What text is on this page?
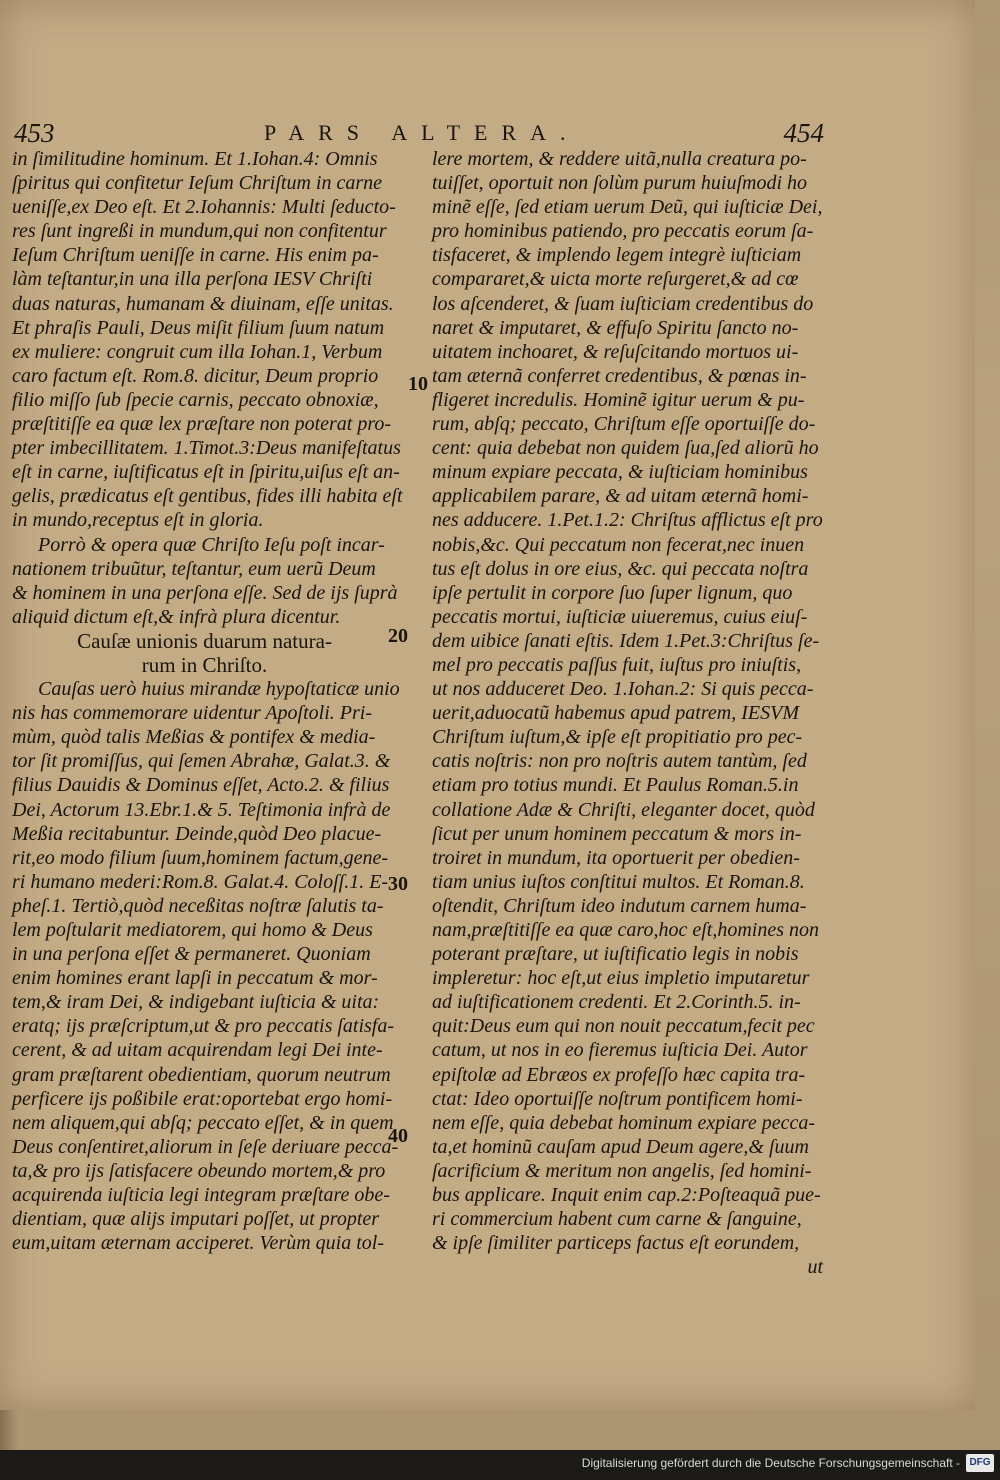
453	PARS ALTERA.	454
in ſimilitudine hominum. Et 1.Iohan.4: Omnis
ſpiritus qui confitetur Ieſum Chriſtum in carne
ueniſſe,ex Deo eſt. Et 2.Iohannis: Multi ſeducto-
res ſunt ingreßi in mundum,qui non confitentur
Ieſum Chriſtum ueniſſe in carne. His enim pa-
làm teſtantur,in una illa perſona IESV Chriſti
duas naturas, humanam & diuinam, eſſe unitas.
Et phraſis Pauli, Deus miſit filium ſuum natum
ex muliere: congruit cum illa Iohan.1, Verbum
caro factum eſt. Rom.8. dicitur, Deum proprio
filio miſſo ſub ſpecie carnis, peccato obnoxiæ,
præſtitiſſe ea quæ lex præſtare non poterat pro-
pter imbecillitatem. 1.Timot.3:Deus manifeſtatus
eſt in carne, iuſtificatus eſt in ſpiritu,uiſus eſt an-
gelis, prædicatus eſt gentibus, fides illi habita eſt
in mundo,receptus eſt in gloria.
Porrò & opera quæ Chriſto Ieſu poſt incar-
nationem tribuũtur, teſtantur, eum uerũ Deum
& hominem in una perſona eſſe. Sed de ijs ſuprà
aliquid dictum eſt,& infrà plura dicentur.
Cauſæ unionis duarum natura-
rum in Chriſto.
Cauſas uerò huius mirandæ hypoſtaticæ unio
nis has commemorare uidentur Apoſtoli. Pri-
mùm, quòd talis Meßias & pontifex & media-
tor ſit promiſſus, qui ſemen Abrahæ, Galat.3. &
filius Dauidis & Dominus eſſet, Acto.2. & filius
Dei, Actorum 13.Ebr.1.& 5. Teſtimonia infrà de
Meßia recitabuntur. Deinde,quòd Deo placue-
rit,eo modo filium ſuum,hominem factum,gene-
ri humano mederi:Rom.8. Galat.4. Coloſſ.1. E-
pheſ.1. Tertiò,quòd neceßitas noſtræ ſalutis ta-
lem poſtularit mediatorem, qui homo & Deus
in una perſona eſſet & permaneret. Quoniam
enim homines erant lapſi in peccatum & mor-
tem,& iram Dei, & indigebant iuſticia & uita:
eratq; ijs præſcriptum,ut & pro peccatis ſatisfa-
cerent, & ad uitam acquirendam legi Dei inte-
gram præſtarent obedientiam, quorum neutrum
perficere ijs poßibile erat:oportebat ergo homi-
nem aliquem,qui abſq; peccato eſſet, & in quem
Deus conſentiret,aliorum in ſeſe deriuare pecca-
ta,& pro ijs ſatisfacere obeundo mortem,& pro
acquirenda iuſticia legi integram præſtare obe-
dientiam, quæ alijs imputari poſſet, ut propter
eum,uitam æternam acciperet. Verùm quia tol-
10
20
30
40
lere mortem, & reddere uitã,nulla creatura po-
tuiſſet, oportuit non ſolùm purum huiuſmodi ho
minẽ eſſe, ſed etiam uerum Deũ, qui iuſticiæ Dei,
pro hominibus patiendo, pro peccatis eorum ſa-
tisfaceret, & implendo legem integrè iuſticiam
compararet,& uicta morte reſurgeret,& ad cœ
los aſcenderet, & ſuam iuſticiam credentibus do
naret & imputaret, & effuſo Spiritu ſancto no-
uitatem inchoaret, & reſuſcitando mortuos ui-
tam æternã conferret credentibus, & pœnas in-
fligeret incredulis. Hominẽ igitur uerum & pu-
rum, abſq; peccato, Chriſtum eſſe oportuiſſe do-
cent: quia debebat non quidem ſua,ſed aliorũ ho
minum expiare peccata, & iuſticiam hominibus
applicabilem parare, & ad uitam æternã homi-
nes adducere. 1.Pet.1.2: Chriſtus afflictus eſt pro
nobis,&c. Qui peccatum non fecerat,nec inuen
tus eſt dolus in ore eius, &c. qui peccata noſtra
ipſe pertulit in corpore ſuo ſuper lignum, quo
peccatis mortui, iuſticiæ uiueremus, cuius eiuſ-
dem uibice ſanati eſtis. Idem 1.Pet.3:Chriſtus ſe-
mel pro peccatis paſſus fuit, iuſtus pro iniuſtis,
ut nos adduceret Deo. 1.Iohan.2: Si quis pecca-
uerit,aduocatũ habemus apud patrem, IESVM
Chriſtum iuſtum,& ipſe eſt propitiatio pro pec-
catis noſtris: non pro noſtris autem tantùm, ſed
etiam pro totius mundi. Et Paulus Roman.5.in
collatione Adæ & Chriſti, eleganter docet, quòd
ſicut per unum hominem peccatum & mors in-
troiret in mundum, ita oportuerit per obedien-
tiam unius iuſtos conſtitui multos. Et Roman.8.
oſtendit, Chriſtum ideo indutum carnem huma-
nam,præſtitiſſe ea quæ caro,hoc eſt,homines non
poterant præſtare, ut iuſtificatio legis in nobis
impleretur: hoc eſt,ut eius impletio imputaretur
ad iuſtificationem credenti. Et 2.Corinth.5. in-
quit:Deus eum qui non nouit peccatum,fecit pec
catum, ut nos in eo fieremus iuſticia Dei. Autor
epiſtolæ ad Ebræos ex profeſſo hæc capita tra-
ctat: Ideo oportuiſſe noſtrum pontificem homi-
nem eſſe, quia debebat hominum expiare pecca-
ta,et hominũ cauſam apud Deum agere,& ſuum
ſacrificium & meritum non angelis, ſed homini-
bus applicare. Inquit enim cap.2:Poſteaquã pue-
ri commercium habent cum carne & ſanguine,
& ipſe ſimiliter particeps factus eſt eorundem,
ut
Digitalisierung gefördert durch die Deutsche Forschungsgemeinschaft - DFG
